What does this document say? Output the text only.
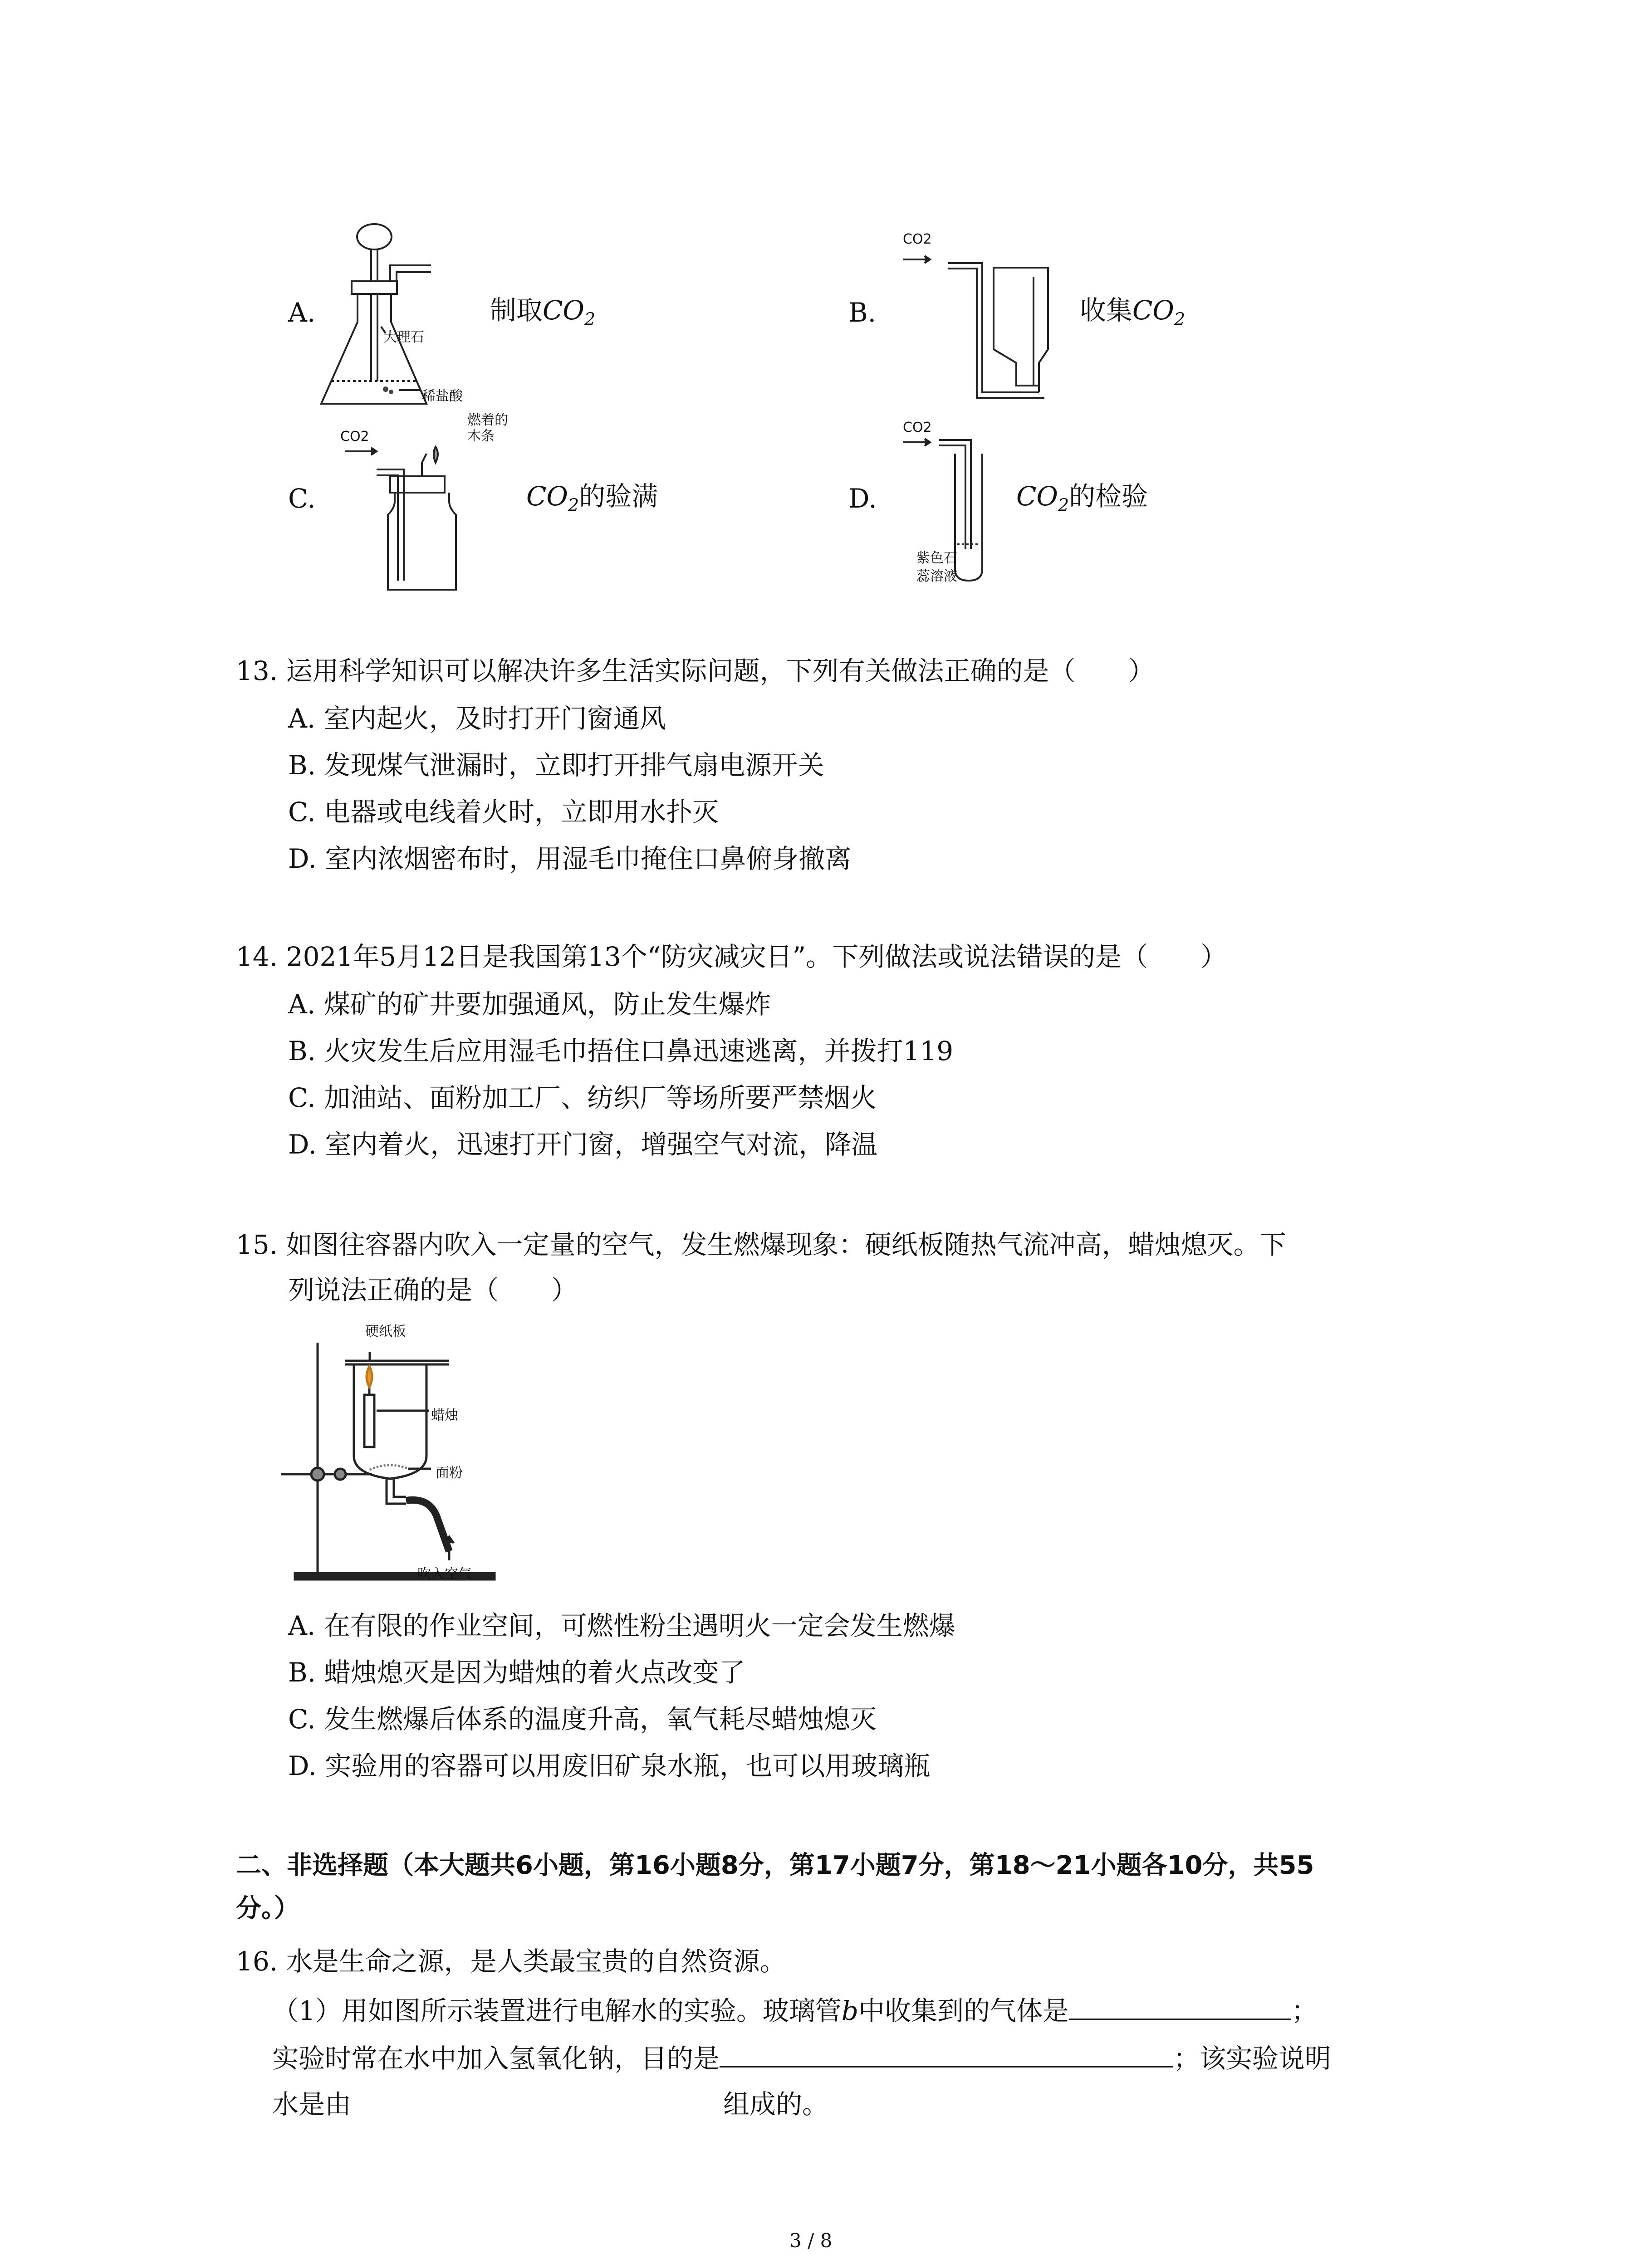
A.
大理石
稀盐酸
制取$CO_2$	B.
CO2
收集$CO_2$
C.
CO2
燃着的木条
$CO_2$的验满	D.
CO2
紫色石
蕊溶液
$CO_2$的检验
13. 运用科学知识可以解决许多生活实际问题，下列有关做法正确的是（　　）
A. 室内起火，及时打开门窗通风
B. 发现煤气泄漏时，立即打开排气扇电源开关
C. 电器或电线着火时，立即用水扑灭
D. 室内浓烟密布时，用湿毛巾掩住口鼻俯身撤离
14. 2021年5月12日是我国第13个“防灾减灾日”。下列做法或说法错误的是（　　）
A. 煤矿的矿井要加强通风，防止发生爆炸
B. 火灾发生后应用湿毛巾捂住口鼻迅速逃离，并拨打119
C. 加油站、面粉加工厂、纺织厂等场所要严禁烟火
D. 室内着火，迅速打开门窗，增强空气对流，降温
15. 如图往容器内吹入一定量的空气，发生燃爆现象：硬纸板随热气流冲高，蜡烛熄灭。下
列说法正确的是（　　）
硬纸板
蜡烛
面粉
吹入空气
A. 在有限的作业空间，可燃性粉尘遇明火一定会发生燃爆
B. 蜡烛熄灭是因为蜡烛的着火点改变了
C. 发生燃爆后体系的温度升高，氧气耗尽蜡烛熄灭
D. 实验用的容器可以用废旧矿泉水瓶，也可以用玻璃瓶
二、非选择题（本大题共6小题，第16小题8分，第17小题7分，第18～21小题各10分，共55
分。）
16. 水是生命之源，是人类最宝贵的自然资源。
（1）用如图所示装置进行电解水的实验。玻璃管b中收集到的气体是	；
实验时常在水中加入氢氧化钠，目的是	；该实验说明
水是由	组成的。
3 / 8
